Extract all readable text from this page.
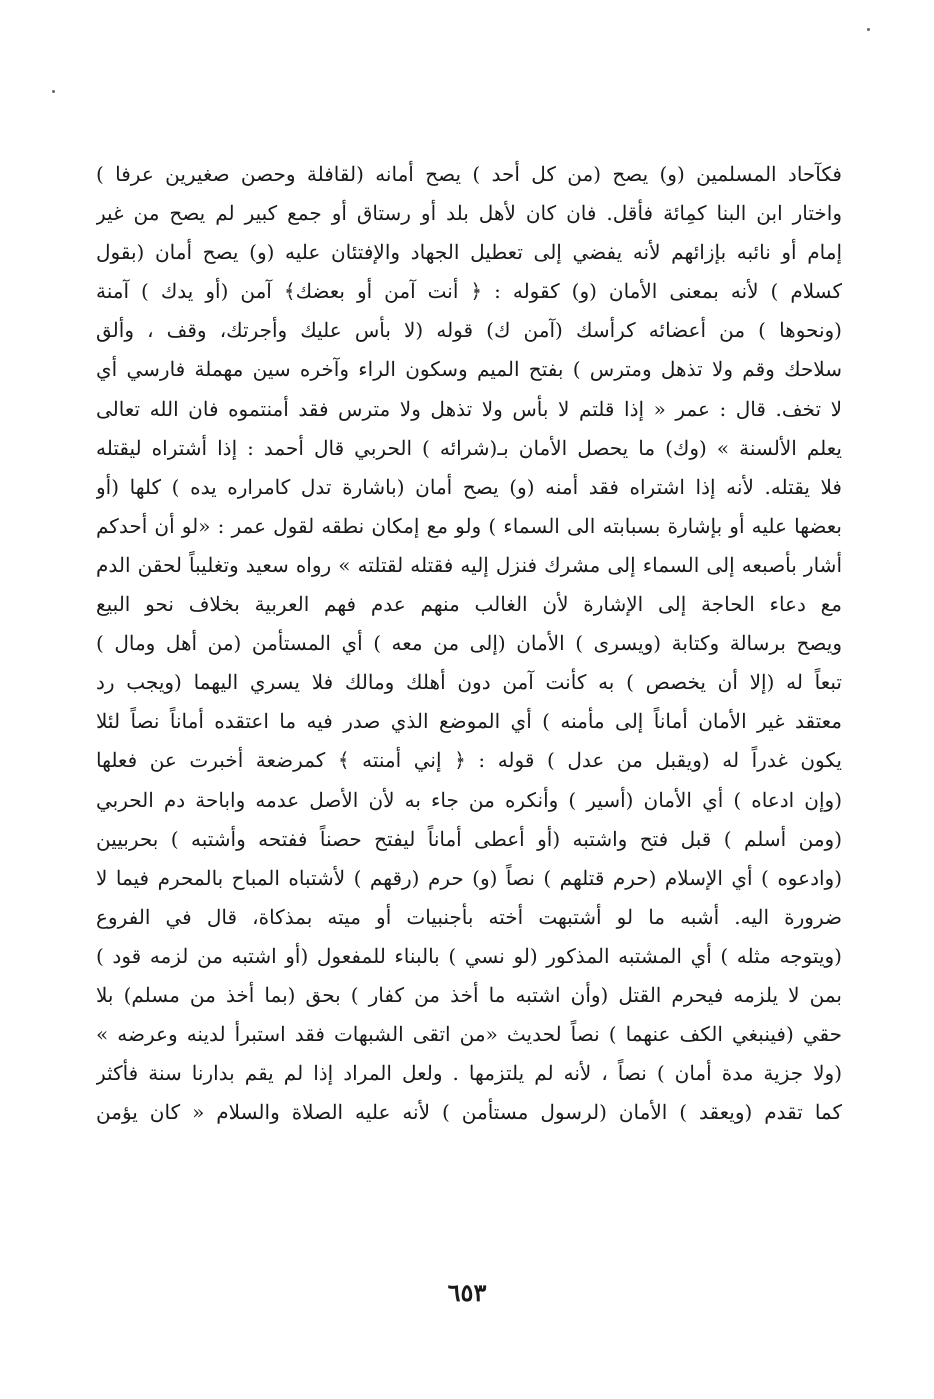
فكآحاد المسلمين (و) يصح (من كل أحد ) يصح أمانه (لقافلة وحصن صغيرين عرفا )
واختار ابن البنا كمِائة فأقل. فان كان لأهل بلد أو رستاق أو جمع كبير لم يصح من غير
إمام أو نائبه بإزائهم لأنه يفضي إلى تعطيل الجهاد والإفتئان عليه (و) يصح أمان (بقول
كسلام ) لأنه بمعنى الأمان (و) كقوله : ﴿ أنت آمن أو بعضك﴾ آمن (أو يدك ) آمنة
(ونحوها ) من أعضائه كرأسك (آمن ك) قوله (لا بأس عليك وأجرتك، وقف ، وألق
سلاحك وقم ولا تذهل ومترس ) بفتح الميم وسكون الراء وآخره سين مهملة فارسي أي
لا تخف. قال : عمر « إذا قلتم لا بأس ولا تذهل ولا مترس فقد أمنتموه فان الله تعالى
يعلم الألسنة » (وك) ما يحصل الأمان بـ(شرائه ) الحربي قال أحمد : إذا أشتراه ليقتله
فلا يقتله. لأنه إذا اشتراه فقد أمنه (و) يصح أمان (باشارة تدل كامراره يده ) كلها (أو
بعضها عليه أو بإشارة بسبابته الى السماء ) ولو مع إمكان نطقه لقول عمر : «لو أن أحدكم
أشار بأصبعه إلى السماء إلى مشرك فنزل إليه فقتله لقتلته » رواه سعيد وتغليباً لحقن الدم
مع دعاء الحاجة إلى الإشارة لأن الغالب منهم عدم فهم العربية بخلاف نحو البيع
ويصح برسالة وكتابة (ويسرى ) الأمان (إلى من معه ) أي المستأمن (من أهل ومال )
تبعاً له (إلا أن يخصص ) به كأنت آمن دون أهلك ومالك فلا يسري اليهما (ويجب رد
معتقد غير الأمان أماناً إلى مأمنه ) أي الموضع الذي صدر فيه ما اعتقده أماناً نصاً لئلا
يكون غدراً له (ويقبل من عدل ) قوله : ﴿ إني أمنته ﴾ كمرضعة أخبرت عن فعلها
(وإن ادعاه ) أي الأمان (أسير ) وأنكره من جاء به لأن الأصل عدمه واباحة دم الحربي
(ومن أسلم ) قبل فتح واشتبه (أو أعطى أماناً ليفتح حصناً ففتحه وأشتبه ) بحربيين
(وادعوه ) أي الإسلام (حرم قتلهم ) نصاً (و) حرم (رقهم ) لأشتباه المباح بالمحرم فيما لا
ضرورة اليه. أشبه ما لو أشتبهت أخته بأجنبيات أو ميته بمذكاة، قال في الفروع
(ويتوجه مثله ) أي المشتبه المذكور (لو نسي ) بالبناء للمفعول (أو اشتبه من لزمه قود )
بمن لا يلزمه فيحرم القتل (وأن اشتبه ما أخذ من كفار ) بحق (بما أخذ من مسلم) بلا
حقي (فينبغي الكف عنهما ) نصاً لحديث «من اتقى الشبهات فقد استبرأ لدينه وعرضه »
(ولا جزية مدة أمان ) نصاً ، لأنه لم يلتزمها . ولعل المراد إذا لم يقم بدارنا سنة فأكثر
كما تقدم (ويعقد ) الأمان (لرسول مستأمن ) لأنه عليه الصلاة والسلام « كان يؤمن
٦٥٣
